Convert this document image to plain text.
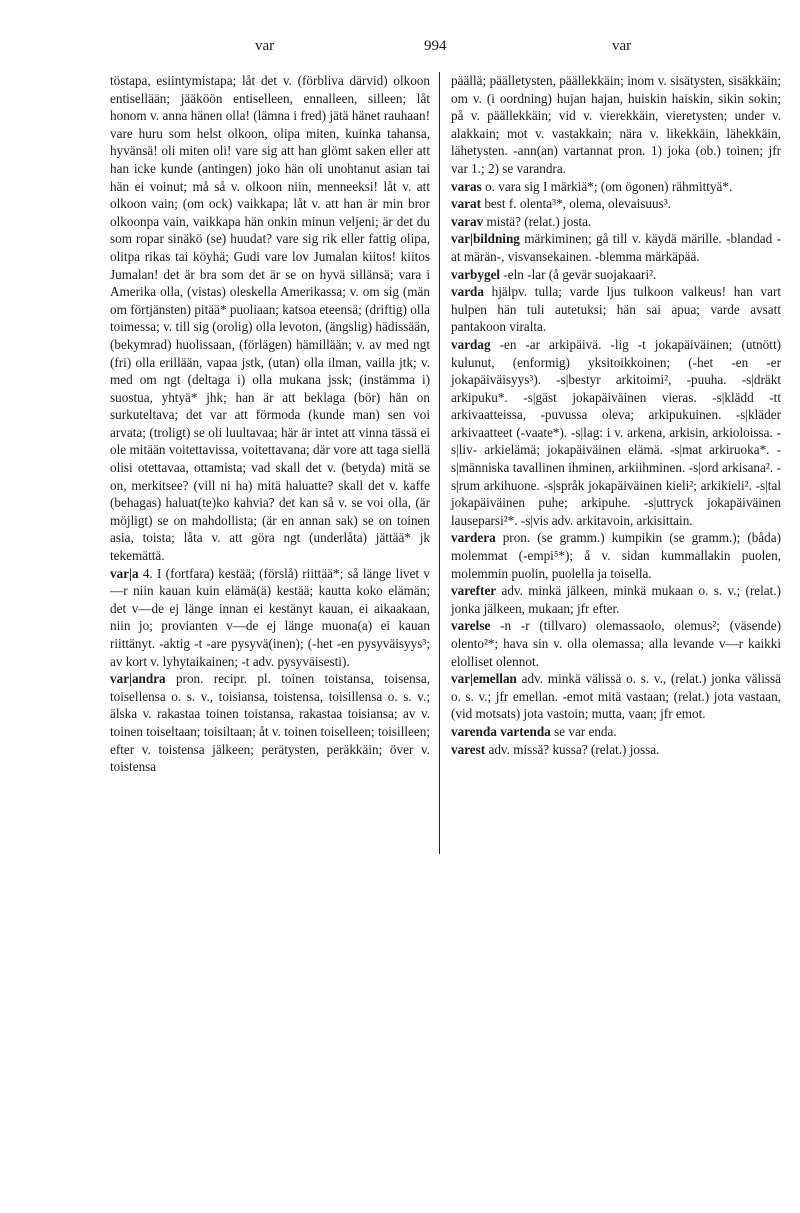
var	994	var

töstapa, esiintymistapa; låt det v. (förbliva därvid) olkoon entisellään; jääköön entiselleen, ennalleen, silleen; låt honom v. anna hänen olla! (lämna i fred) jätä hänet rauhaan! vare huru som helst olkoon, olipa miten, kuinka tahansa, hyvänsä! oli miten oli! vare sig att han glömt saken eller att han icke kunde (antingen) joko hän oli unohtanut asian tai hän ei voinut; må så v. olkoon niin, menneeksi! låt v. att olkoon vain; (om ock) vaikkapa; låt v. att han är min bror olkoonpa vain, vaikkapa hän onkin minun veljeni; är det du som ropar sinäkö (se) huudat? vare sig rik eller fattig olipa, olitpa rikas tai köyhä; Gudi vare lov Jumalan kiitos! kiitos Jumalan! det är bra som det är se on hyvä sillänsä; vara i Amerika olla, (vistas) oleskella Amerikassa; v. om sig (män om förtjänsten) pitää* puoliaan; katsoa eteensä; (driftig) olla toimessa; v. till sig (orolig) olla levoton, (ängslig) hädissään, (bekymrad) huolissaan, (förlägen) hämillään; v. av med ngt (fri) olla erillään, vapaa jstk, (utan) olla ilman, vailla jtk; v. med om ngt (deltaga i) olla mukana jssk; (instämma i) suostua, yhtyä* jhk; han är att beklaga (bör) hän on surkuteltava; det var att förmoda (kunde man) sen voi arvata; (troligt) se oli luultavaa; här är intet att vinna tässä ei ole mitään voitettavissa, voitettavana; där vore att taga siellä olisi otettavaa, ottamista; vad skall det v. (betyda) mitä se on, merkitsee? (vill ni ha) mitä haluatte? skall det v. kaffe (behagas) haluat(te)ko kahvia? det kan så v. se voi olla, (är möjligt) se on mahdollista; (är en annan sak) se on toinen asia, toista; låta v. att göra ngt (underlåta) jättää* jk tekemättä.

var|a 4. I (fortfara) kestää; (förslå) riittää*; så länge livet v—r niin kauan kuin elämä(ä) kestää; kautta koko elämän; det v—de ej länge innan ei kestänyt kauan, ei aikaakaan, niin jo; provianten v—de ej länge muona(a) ei kauan riittänyt. -aktig -t -are pysyvä(inen); (-het -en pysyväisyys³; av kort v. lyhytaikainen; -t adv. pysyväisesti).

var|andra pron. recipr. pl. toinen toistansa, toisensa, toisellensa o. s. v., toisiansa, toistensa, toisillensa o. s. v.; älska v. rakastaa toinen toistansa, rakastaa toisiansa; av v. toinen toiseltaan; toisiltaan; åt v. toinen toiselleen; toisilleen; efter v. toistensa jälkeen; perätysten, peräkkäin; över v. toistensa

päällä; päälletysten, päällekkäin; inom v. sisätysten, sisäkkäin; om v. (i oordning) hujan hajan, huiskin haiskin, sikin sokin; på v. päällekkäin; vid v. vierekkäin, vieretysten; under v. alakkain; mot v. vastakkain; nära v. likekkäin, lähekkäin, lähetysten. -ann(an) vartannat pron. 1) joka (ob.) toinen; jfr var 1.; 2) se varandra.

varas o. vara sig I märkiä*; (om ögonen) rähmittyä*.

varat best f. olenta³*, olema, olevaisuus³.

varav mistä? (relat.) josta.

var|bildning märkiminen; gå till v. käydä märille. -blandad -at märän-, visvansekainen. -blemma märkäpää.

varbygel -eln -lar (å gevär suojakaari².

varda hjälpv. tulla; varde ljus tulkoon valkeus! han vart hulpen hän tuli autetuksi; hän sai apua; varde avsatt pantakoon viralta.

vardag -en -ar arkipäivä. -lig -t jokapäiväinen; (utnött) kulunut, (enformig) yksitoikkoinen; (-het -en -er jokapäiväisyys³). -s|bestyr arkitoimi², -puuha. -s|dräkt arkipuku*. -s|gäst jokapäiväinen vieras. -s|klädd -tt arkivaatteissa, -puvussa oleva; arkipukuinen. -s|kläder arkivaatteet (-vaate*). -s|lag: i v. arkena, arkisin, arkioloissa. -s|liv- arkielämä; jokapäiväinen elämä. -s|mat arkiruoka*. -s|människa tavallinen ihminen, arkiihminen. -s|ord arkisana². -s|rum arkihuone. -s|språk jokapäiväinen kieli²; arkikieli². -s|tal jokapäiväinen puhe; arkipuhe. -s|uttryck jokapäiväinen lauseparsi²*. -s|vis adv. arkitavoin, arkisittain.

vardera pron. (se gramm.) kumpikin (se gramm.); (båda) molemmat (-empi⁵*); å v. sidan kummallakin puolen, molemmin puolin, puolella ja toisella.

varefter adv. minkä jälkeen, minkä mukaan o. s. v.; (relat.) jonka jälkeen, mukaan; jfr efter.

varelse -n -r (tillvaro) olemassaolo, olemus²; (väsende) olento²*; hava sin v. olla olemassa; alla levande v—r kaikki elolliset olennot.

var|emellan adv. minkä välissä o. s. v., (relat.) jonka välissä o. s. v.; jfr emellan. -emot mitä vastaan; (relat.) jota vastaan, (vid motsats) jota vastoin; mutta, vaan; jfr emot.

varenda vartenda se var enda.

varest adv. missä? kussa? (relat.) jossa.
